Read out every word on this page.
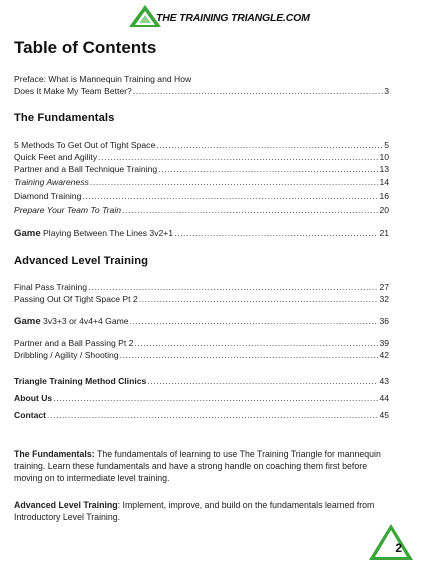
THE TRAINING TRIANGLE.COM
Table of Contents
Preface: What is Mannequin Training and How
Does It Make My Team Better? .....	3
The Fundamentals
5 Methods To Get Out of Tight Space .....	5
Quick Feet and Agility .....	10
Partner and a Ball Technique Training .....	13
Training Awareness .....	14
Diamond Training .....	16
Prepare Your Team To Train .....	20
Game Playing Between The Lines 3v2+1 .....	21
Advanced Level Training
Final Pass Training .....	27
Passing Out Of Tight Space Pt 2 .....	32
Game 3v3+3 or 4v4+4 Game .....	36
Partner and a Ball Passing Pt 2 .....	39
Dribbling / Agility / Shooting .....	42
Triangle Training Method Clinics .....	43
About Us .....	44
Contact .....	45
The Fundamentals: The fundamentals of learning to use The Training Triangle for mannequin training. Learn these fundamentals and have a strong handle on coaching them first before moving on to intermediate level training.
Advanced Level Training: Implement, improve, and build on the fundamentals learned from Introductory Level Training.
2
